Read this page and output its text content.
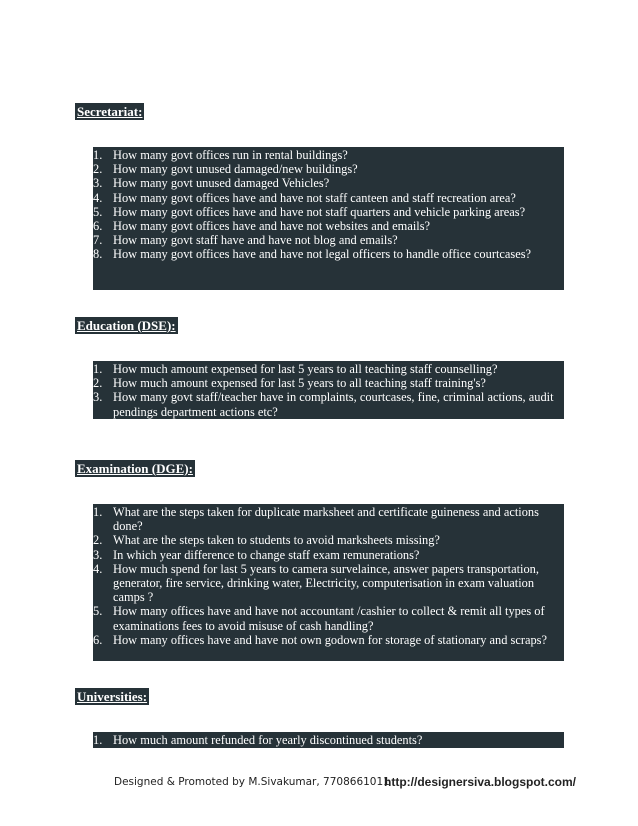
Secretariat:
1. How many govt offices run in rental buildings?
2. How many govt unused damaged/new buildings?
3. How many govt unused damaged Vehicles?
4. How many govt offices have and have not staff canteen and staff recreation area?
5. How many govt offices have and have not staff quarters and vehicle parking areas?
6. How many govt offices have and have not websites and emails?
7. How many govt staff have and have not blog and emails?
8. How many govt offices have and have not legal officers to handle office courtcases?
Education (DSE):
1. How much amount expensed for last 5 years to all teaching staff counselling?
2. How much amount expensed for last 5 years to all teaching staff training's?
3. How many govt staff/teacher have in complaints, courtcases, fine, criminal actions, audit pendings department actions etc?
Examination (DGE):
1. What are the steps taken for duplicate marksheet and certificate guineness and actions done?
2. What are the steps taken to students to avoid marksheets missing?
3. In which year difference to change staff exam remunerations?
4. How much spend for last 5 years to camera survelaince, answer papers transportation, generator, fire service, drinking water, Electricity, computerisation in exam valuation camps ?
5. How many offices have and have not accountant /cashier to collect & remit all types of examinations fees to avoid misuse of cash handling?
6. How many offices have and have not own godown for storage of stationary and scraps?
Universities:
1. How much amount refunded for yearly discontinued students?
Designed & Promoted by M.Sivakumar, 7708661011
http://designersiva.blogspot.com/
